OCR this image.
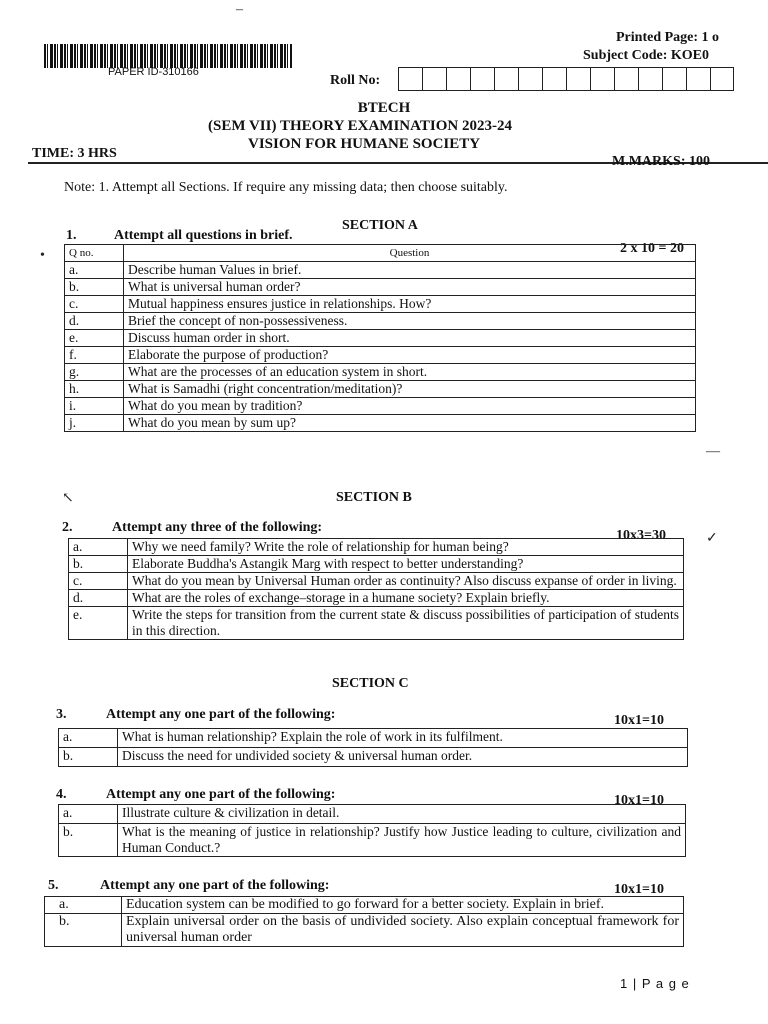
PAPER ID-310166
Printed Page: 1 o
Subject Code: KOE0
Roll No:
BTECH
(SEM VII) THEORY EXAMINATION 2023-24
VISION FOR HUMANE SOCIETY
TIME: 3 HRS
M.MARKS: 100
Note: 1. Attempt all Sections. If require any missing data; then choose suitably.
SECTION A
1.	Attempt all questions in brief.
2 x 10 = 20
Q no.	Question
a.	Describe human Values in brief.
b.	What is universal human order?
c.	Mutual happiness ensures justice in relationships. How?
d.	Brief the concept of non-possessiveness.
e.	Discuss human order in short.
f.	Elaborate the purpose of production?
g.	What are the processes of an education system in short.
h.	What is Samadhi (right concentration/meditation)?
i.	What do you mean by tradition?
j.	What do you mean by sum up?
SECTION B
2.	Attempt any three of the following:
10x3=30
a.	Why we need family? Write the role of relationship for human being?
b.	Elaborate Buddha's Astangik Marg with respect to better understanding?
c.	What do you mean by Universal Human order as continuity? Also discuss expanse of order in living.
d.	What are the roles of exchange–storage in a humane society? Explain briefly.
e.	Write the steps for transition from the current state & discuss possibilities of participation of students in this direction.
SECTION C
3.	Attempt any one part of the following:	10x1=10
a.	What is human relationship? Explain the role of work in its fulfilment.
b.	Discuss the need for undivided society & universal human order.
4.	Attempt any one part of the following:	10x1=10
a.	Illustrate culture & civilization in detail.
b.	What is the meaning of justice in relationship? Justify how Justice leading to culture, civilization and Human Conduct.?
5.	Attempt any one part of the following:	10x1=10
a.	Education system can be modified to go forward for a better society. Explain in brief.
b.	Explain universal order on the basis of undivided society. Also explain conceptual framework for universal human order
1 | P a g e
–
—
↖
✓
•
